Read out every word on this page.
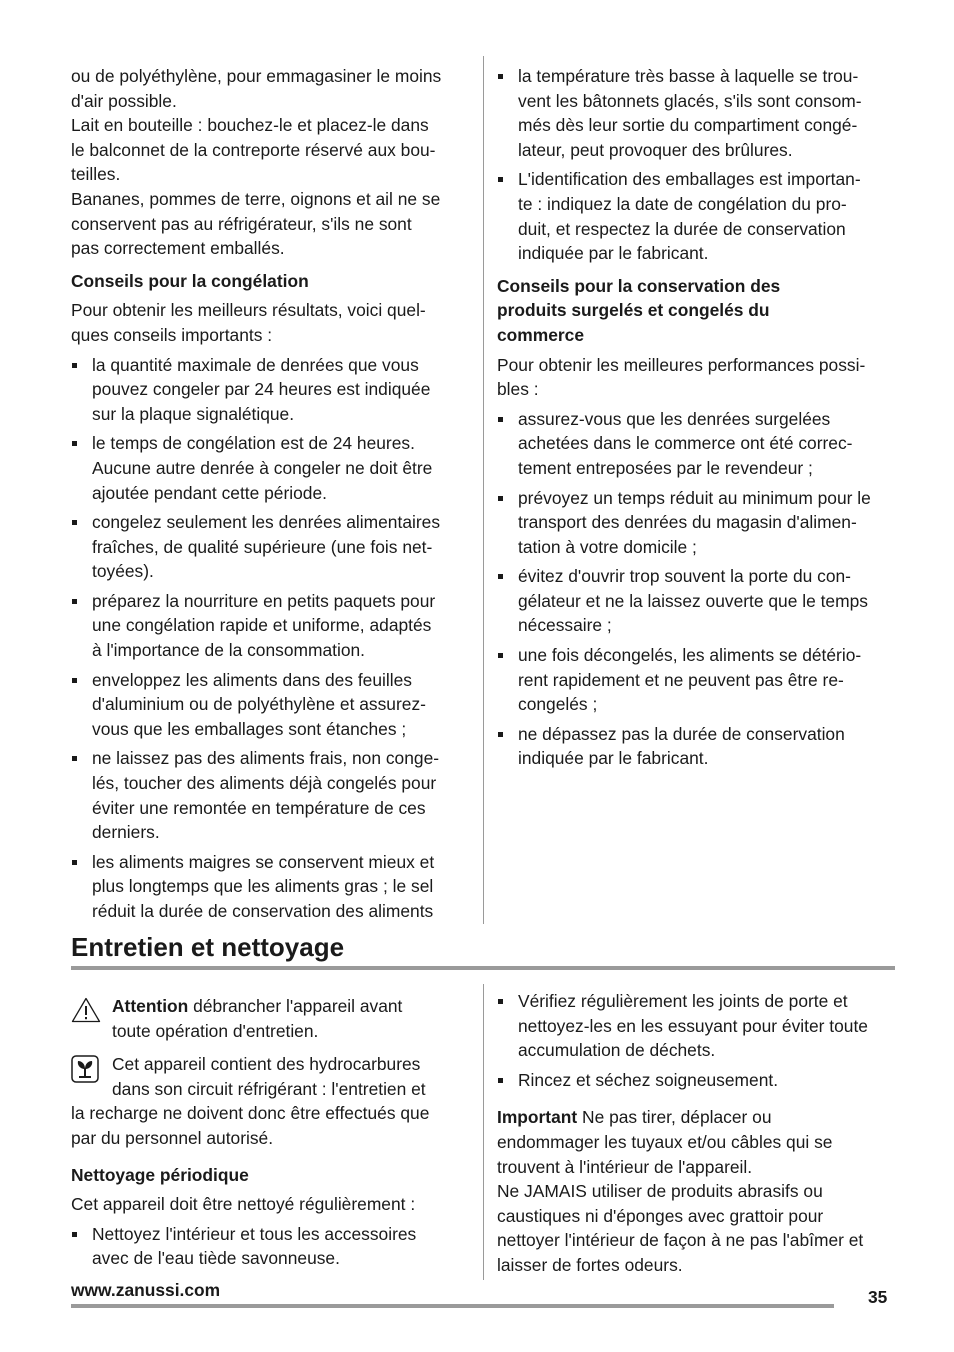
ou de polyéthylène, pour emmagasiner le moins
d'air possible.
Lait en bouteille : bouchez-le et placez-le dans
le balconnet de la contreporte réservé aux bou-
teilles.
Bananes, pommes de terre, oignons et ail ne se
conservent pas au réfrigérateur, s'ils ne sont
pas correctement emballés.

Conseils pour la congélation

Pour obtenir les meilleurs résultats, voici quel-
ques conseils importants :

la quantité maximale de denrées que vous
pouvez congeler par 24 heures est indiquée
sur la plaque signalétique.
le temps de congélation est de 24 heures.
Aucune autre denrée à congeler ne doit être
ajoutée pendant cette période.
congelez seulement les denrées alimentaires
fraîches, de qualité supérieure (une fois net-
toyées).
préparez la nourriture en petits paquets pour
une congélation rapide et uniforme, adaptés
à l'importance de la consommation.
enveloppez les aliments dans des feuilles
d'aluminium ou de polyéthylène et assurez-
vous que les emballages sont étanches ;
ne laissez pas des aliments frais, non conge-
lés, toucher des aliments déjà congelés pour
éviter une remontée en température de ces
derniers.
les aliments maigres se conservent mieux et
plus longtemps que les aliments gras ; le sel
réduit la durée de conservation des aliments
la température très basse à laquelle se trou-
vent les bâtonnets glacés, s'ils sont consom-
més dès leur sortie du compartiment congé-
lateur, peut provoquer des brûlures.
L'identification des emballages est importan-
te : indiquez la date de congélation du pro-
duit, et respectez la durée de conservation
indiquée par le fabricant.
Conseils pour la conservation des
produits surgelés et congelés du
commerce

Pour obtenir les meilleures performances possi-
bles :

assurez-vous que les denrées surgelées
achetées dans le commerce ont été correc-
tement entreposées par le revendeur ;
prévoyez un temps réduit au minimum pour le
transport des denrées du magasin d'alimen-
tation à votre domicile ;
évitez d'ouvrir trop souvent la porte du con-
gélateur et ne la laissez ouverte que le temps
nécessaire ;
une fois décongelés, les aliments se détério-
rent rapidement et ne peuvent pas être re-
congelés ;
ne dépassez pas la durée de conservation
indiquée par le fabricant.
Entretien et nettoyage
Attention débrancher l'appareil avant
toute opération d'entretien.
Cet appareil contient des hydrocarbures
dans son circuit réfrigérant : l'entretien et
la recharge ne doivent donc être effectués que
par du personnel autorisé.
Nettoyage périodique

Cet appareil doit être nettoyé régulièrement :

Nettoyez l'intérieur et tous les accessoires
avec de l'eau tiède savonneuse.
Vérifiez régulièrement les joints de porte et
nettoyez-les en les essuyant pour éviter toute
accumulation de déchets.
Rincez et séchez soigneusement.

Important Ne pas tirer, déplacer ou
endommager les tuyaux et/ou câbles qui se
trouvent à l'intérieur de l'appareil.
Ne JAMAIS utiliser de produits abrasifs ou
caustiques ni d'éponges avec grattoir pour
nettoyer l'intérieur de façon à ne pas l'abîmer et
laisser de fortes odeurs.

www.zanussi.com	35
